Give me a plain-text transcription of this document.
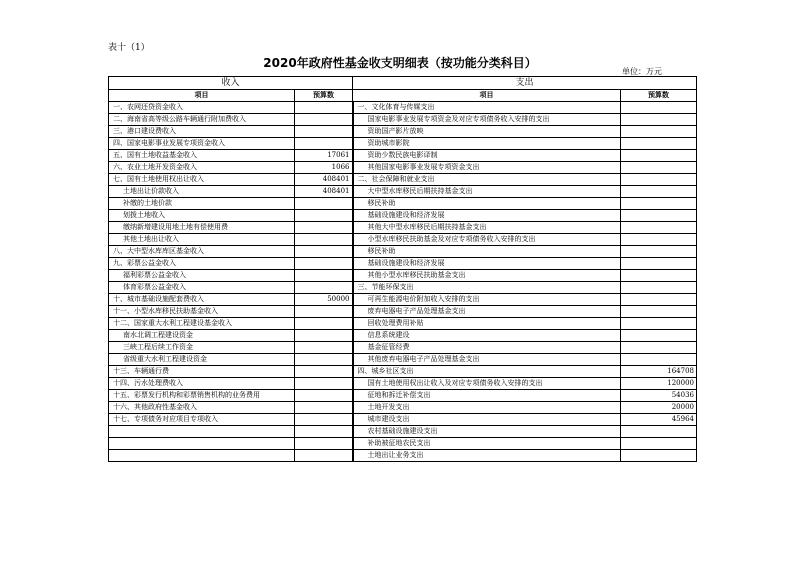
表十（1）
2020年政府性基金收支明细表（按功能分类科目）
单位：万元
收入		支出	
项目	预算数	项目	预算数
一、农网还贷资金收入		一、文化体育与传媒支出	
二、海南省高等级公路车辆通行附加费收入		国家电影事业发展专项资金及对应专项债务收入安排的支出	
三、港口建设费收入		资助国产影片放映	
四、国家电影事业发展专项资金收入		资助城市影院	
五、国有土地收益基金收入	17061	资助少数民族电影译制	
六、农业土地开发资金收入	1066	其他国家电影事业发展专项资金支出	
七、国有土地使用权出让收入	408401	二、社会保障和就业支出	
土地出让价款收入	408401	大中型水库移民后期扶持基金支出	
补缴的土地价款		移民补助	
划拨土地收入		基础设施建设和经济发展	
缴纳新增建设用地土地有偿使用费		其他大中型水库移民后期扶持基金支出	
其他土地出让收入		小型水库移民扶助基金及对应专项债务收入安排的支出	
八、大中型水库库区基金收入		移民补助	
九、彩票公益金收入		基础设施建设和经济发展	
福利彩票公益金收入		其他小型水库移民扶助基金支出	
体育彩票公益金收入		三、节能环保支出	
十、城市基础设施配套费收入	50000	可再生能源电价附加收入安排的支出	
十一、小型水库移民扶助基金收入		废弃电器电子产品处理基金支出	
十二、国家重大水利工程建设基金收入		回收处理费用补贴	
南水北调工程建设资金		信息系统建设	
三峡工程后续工作资金		基金征管经费	
省级重大水利工程建设资金		其他废弃电器电子产品处理基金支出	
十三、车辆通行费		四、城乡社区支出	164708
十四、污水处理费收入		国有土地使用权出让收入及对应专项债务收入安排的支出	120000
十五、彩票发行机构和彩票销售机构的业务费用		征地和拆迁补偿支出	54036
十六、其他政府性基金收入		土地开发支出	20000
十七、专项债务对应项目专项收入		城市建设支出	45964
		农村基础设施建设支出	
		补助被征地农民支出	
		土地出让业务支出	
